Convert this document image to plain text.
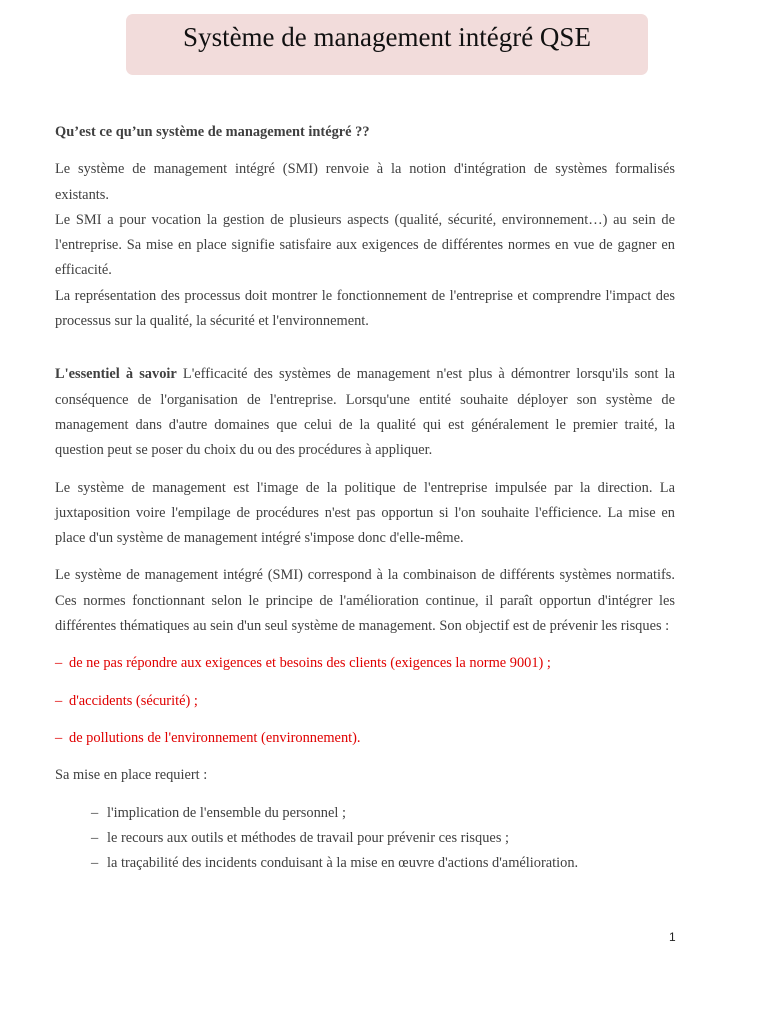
Système de management intégré QSE

Qu’est ce qu’un système de management intégré ??

Le système de management intégré (SMI) renvoie à la notion d'intégration de systèmes formalisés existants.

Le SMI a pour vocation la gestion de plusieurs aspects (qualité, sécurité, environnement…) au sein de l'entreprise. Sa mise en place signifie satisfaire aux exigences de différentes normes en vue de gagner en efficacité.

La représentation des processus doit montrer le fonctionnement de l'entreprise et comprendre l'impact des processus sur la qualité, la sécurité et l'environnement.

L'essentiel à savoir L'efficacité des systèmes de management n'est plus à démontrer lorsqu'ils sont la conséquence de l'organisation de l'entreprise. Lorsqu'une entité souhaite déployer son système de management dans d'autre domaines que celui de la qualité qui est généralement le premier traité, la question peut se poser du choix du ou des procédures à appliquer.

Le système de management est l'image de la politique de l'entreprise impulsée par la direction. La juxtaposition voire l'empilage de procédures n'est pas opportun si l'on souhaite l'efficience. La mise en place d'un système de management intégré s'impose donc d'elle-même.

Le système de management intégré (SMI) correspond à la combinaison de différents systèmes normatifs. Ces normes fonctionnant selon le principe de l'amélioration continue, il paraît opportun d'intégrer les différentes thématiques au sein d'un seul système de management. Son objectif est de prévenir les risques :

– de ne pas répondre aux exigences et besoins des clients (exigences la norme 9001) ;

– d'accidents (sécurité) ;

– de pollutions de l'environnement (environnement).

Sa mise en place requiert :

– l'implication de l'ensemble du personnel ;
– le recours aux outils et méthodes de travail pour prévenir ces risques ;
– la traçabilité des incidents conduisant à la mise en œuvre d'actions d'amélioration.
1
